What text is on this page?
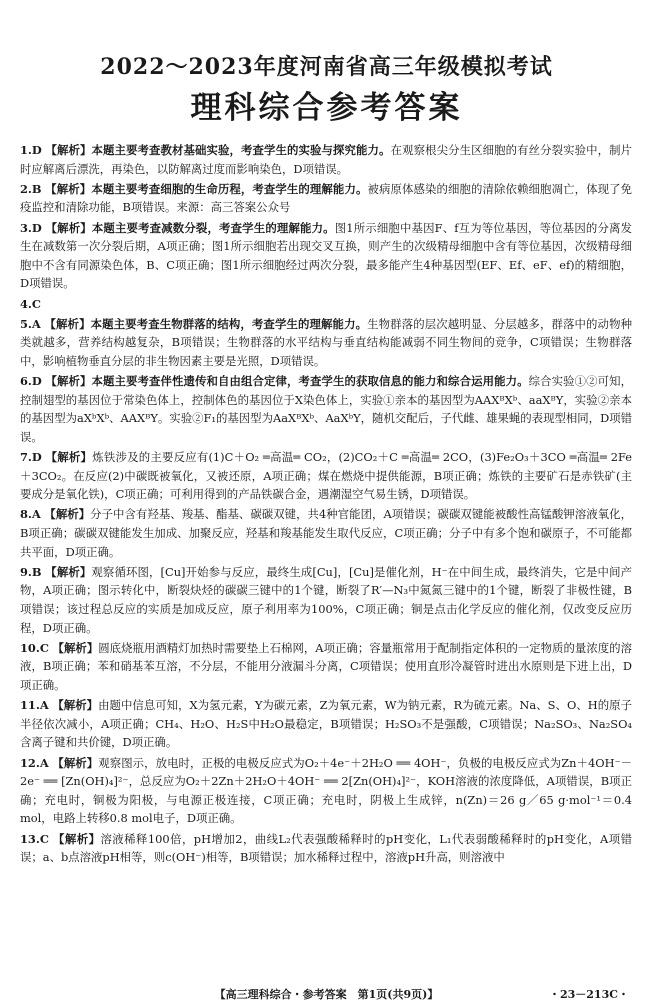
2022～2023年度河南省高三年级模拟考试
理科综合参考答案
1.D 【解析】本题主要考查教材基础实验，考查学生的实验与探究能力。在观察根尖分生区细胞的有丝分裂实验中，制片时应解离后漂洗，再染色，以防解离过度而影响染色，D项错误。
2.B 【解析】本题主要考查细胞的生命历程，考查学生的理解能力。被病原体感染的细胞的清除依赖细胞凋亡，体现了免疫监控和清除功能，B项错误。来源：高三答案公众号
3.D 【解析】本题主要考查减数分裂，考查学生的理解能力。图1所示细胞中基因F、f互为等位基因，等位基因的分离发生在减数第一次分裂后期，A项正确；图1所示细胞若出现交叉互换，则产生的次级精母细胞中含有等位基因，次级精母细胞中不含有同源染色体，B、C项正确；图1所示细胞经过两次分裂，最多能产生4种基因型(EF、Ef、eF、ef)的精细胞，D项错误。
4.C
5.A 【解析】本题主要考查生物群落的结构，考查学生的理解能力。生物群落的层次越明显、分层越多，群落中的动物种类就越多，营养结构越复杂，B项错误；生物群落的水平结构与垂直结构能减弱不同生物间的竞争，C项错误；生物群落中，影响植物垂直分层的非生物因素主要是光照，D项错误。
6.D 【解析】本题主要考查伴性遗传和自由组合定律，考查学生的获取信息的能力和综合运用能力。综合实验①②可知，控制翅型的基因位于常染色体上，控制体色的基因位于X染色体上，实验①亲本的基因型为AAXᴮXᵇ、aaXᴮY，实验②亲本的基因型为aXᵇXᵇ、AAXᴮY。实验②F₁的基因型为AaXᴮXᵇ、AaXᵇY，随机交配后，子代雌、雄果蝇的表现型相同，D项错误。
7.D 【解析】炼铁涉及的主要反应有(1)C＋O₂ ═高温═ CO₂，(2)CO₂＋C ═高温═ 2CO，(3)Fe₂O₃＋3CO ═高温═ 2Fe＋3CO₂。在反应(2)中碳既被氧化，又被还原，A项正确；煤在燃烧中提供能源，B项正确；炼铁的主要矿石是赤铁矿(主要成分是氧化铁)，C项正确；可利用得到的产品铁碳合金，遇潮湿空气易生锈，D项错误。
8.A 【解析】分子中含有羟基、羧基、酯基、碳碳双键，共4种官能团，A项错误；碳碳双键能被酸性高锰酸钾溶液氧化，B项正确；碳碳双键能发生加成、加聚反应，羟基和羧基能发生取代反应，C项正确；分子中有多个饱和碳原子，不可能都共平面，D项正确。
9.B 【解析】观察循环图，[Cu]开始参与反应，最终生成[Cu]，[Cu]是催化剂，H⁻在中间生成，最终消失，它是中间产物，A项正确；图示转化中，断裂炔烃的碳碳三键中的1个键，断裂了R′—N₃中氮氮三键中的1个键，断裂了非极性键，B项错误；该过程总反应的实质是加成反应，原子利用率为100%，C项正确；铜是点击化学反应的催化剂，仅改变反应历程，D项正确。
10.C 【解析】圆底烧瓶用酒精灯加热时需要垫上石棉网，A项正确；容量瓶常用于配制指定体积的一定物质的量浓度的溶液，B项正确；苯和硝基苯互溶，不分层，不能用分液漏斗分离，C项错误；使用直形冷凝管时进出水原则是下进上出，D项正确。
11.A 【解析】由题中信息可知，X为氢元素，Y为碳元素，Z为氧元素，W为钠元素，R为硫元素。Na、S、O、H的原子半径依次减小，A项正确；CH₄、H₂O、H₂S中H₂O最稳定，B项错误；H₂SO₃不是强酸，C项错误；Na₂SO₃、Na₂SO₄含离子键和共价键，D项正确。
12.A 【解析】观察图示，放电时，正极的电极反应式为O₂＋4e⁻＋2H₂O ══ 4OH⁻，负极的电极反应式为Zn＋4OH⁻－2e⁻ ══ [Zn(OH)₄]²⁻，总反应为O₂＋2Zn＋2H₂O＋4OH⁻ ══ 2[Zn(OH)₄]²⁻，KOH溶液的浓度降低，A项错误，B项正确；充电时，铜极为阳极，与电源正极连接，C项正确；充电时，阴极上生成锌，n(Zn)＝26 g／65 g·mol⁻¹＝0.4 mol，电路上转移0.8 mol电子，D项正确。
13.C 【解析】溶液稀释100倍，pH增加2，曲线L₂代表强酸稀释时的pH变化，L₁代表弱酸稀释时的pH变化，A项错误；a、b点溶液pH相等，则c(OH⁻)相等，B项错误；加水稀释过程中，溶液pH升高，则溶液中
【高三理科综合・参考答案　第1页(共9页)】	・23－213C・
